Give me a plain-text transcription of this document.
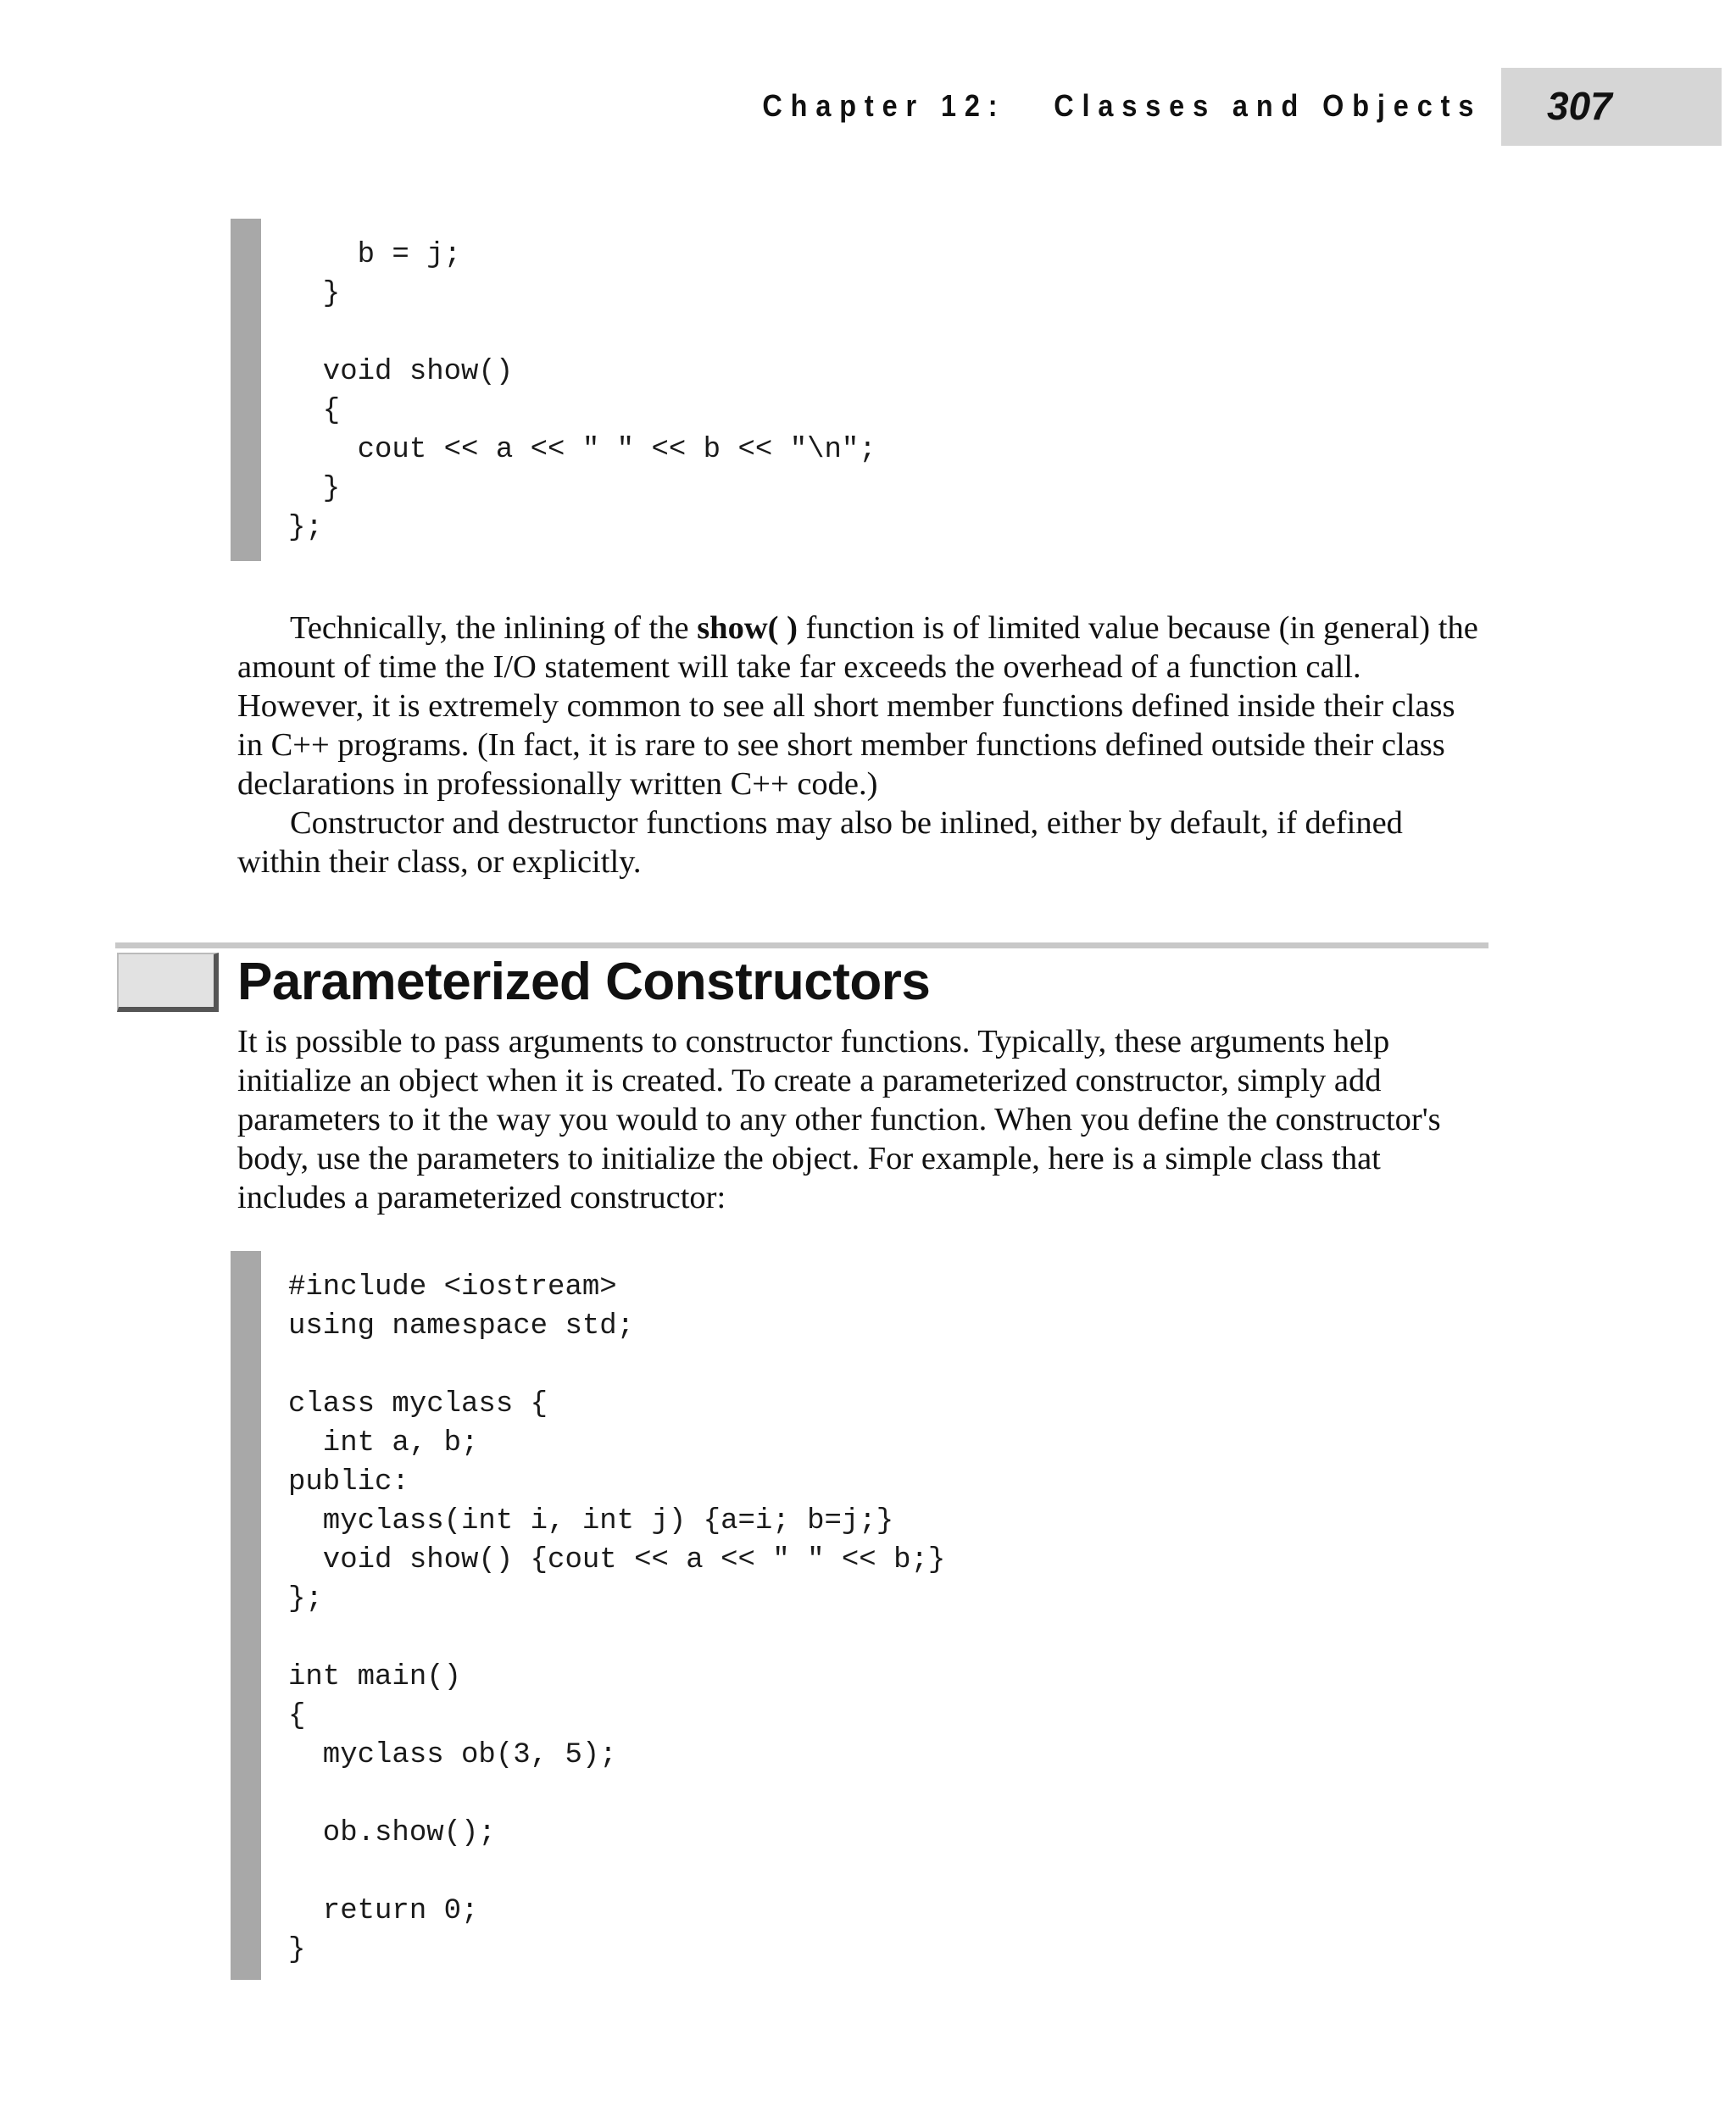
Chapter 12: Classes and Objects 307
b = j;
}

void show()
{
cout << a << " " << b << "\n";
}
};

Technically, the inlining of the show( ) function is of limited value because (in general) the amount of time the I/O statement will take far exceeds the overhead of a function call. However, it is extremely common to see all short member functions defined inside their class in C++ programs. (In fact, it is rare to see short member functions defined outside their class declarations in professionally written C++ code.)

Constructor and destructor functions may also be inlined, either by default, if defined within their class, or explicitly.

Parameterized Constructors

It is possible to pass arguments to constructor functions. Typically, these arguments help initialize an object when it is created. To create a parameterized constructor, simply add parameters to it the way you would to any other function. When you define the constructor's body, use the parameters to initialize the object. For example, here is a simple class that includes a parameterized constructor:

#include <iostream>
using namespace std;

class myclass {
int a, b;
public:
myclass(int i, int j) {a=i; b=j;}
void show() {cout << a << " " << b;}
};

int main()
{
myclass ob(3, 5);

ob.show();

return 0;
}
